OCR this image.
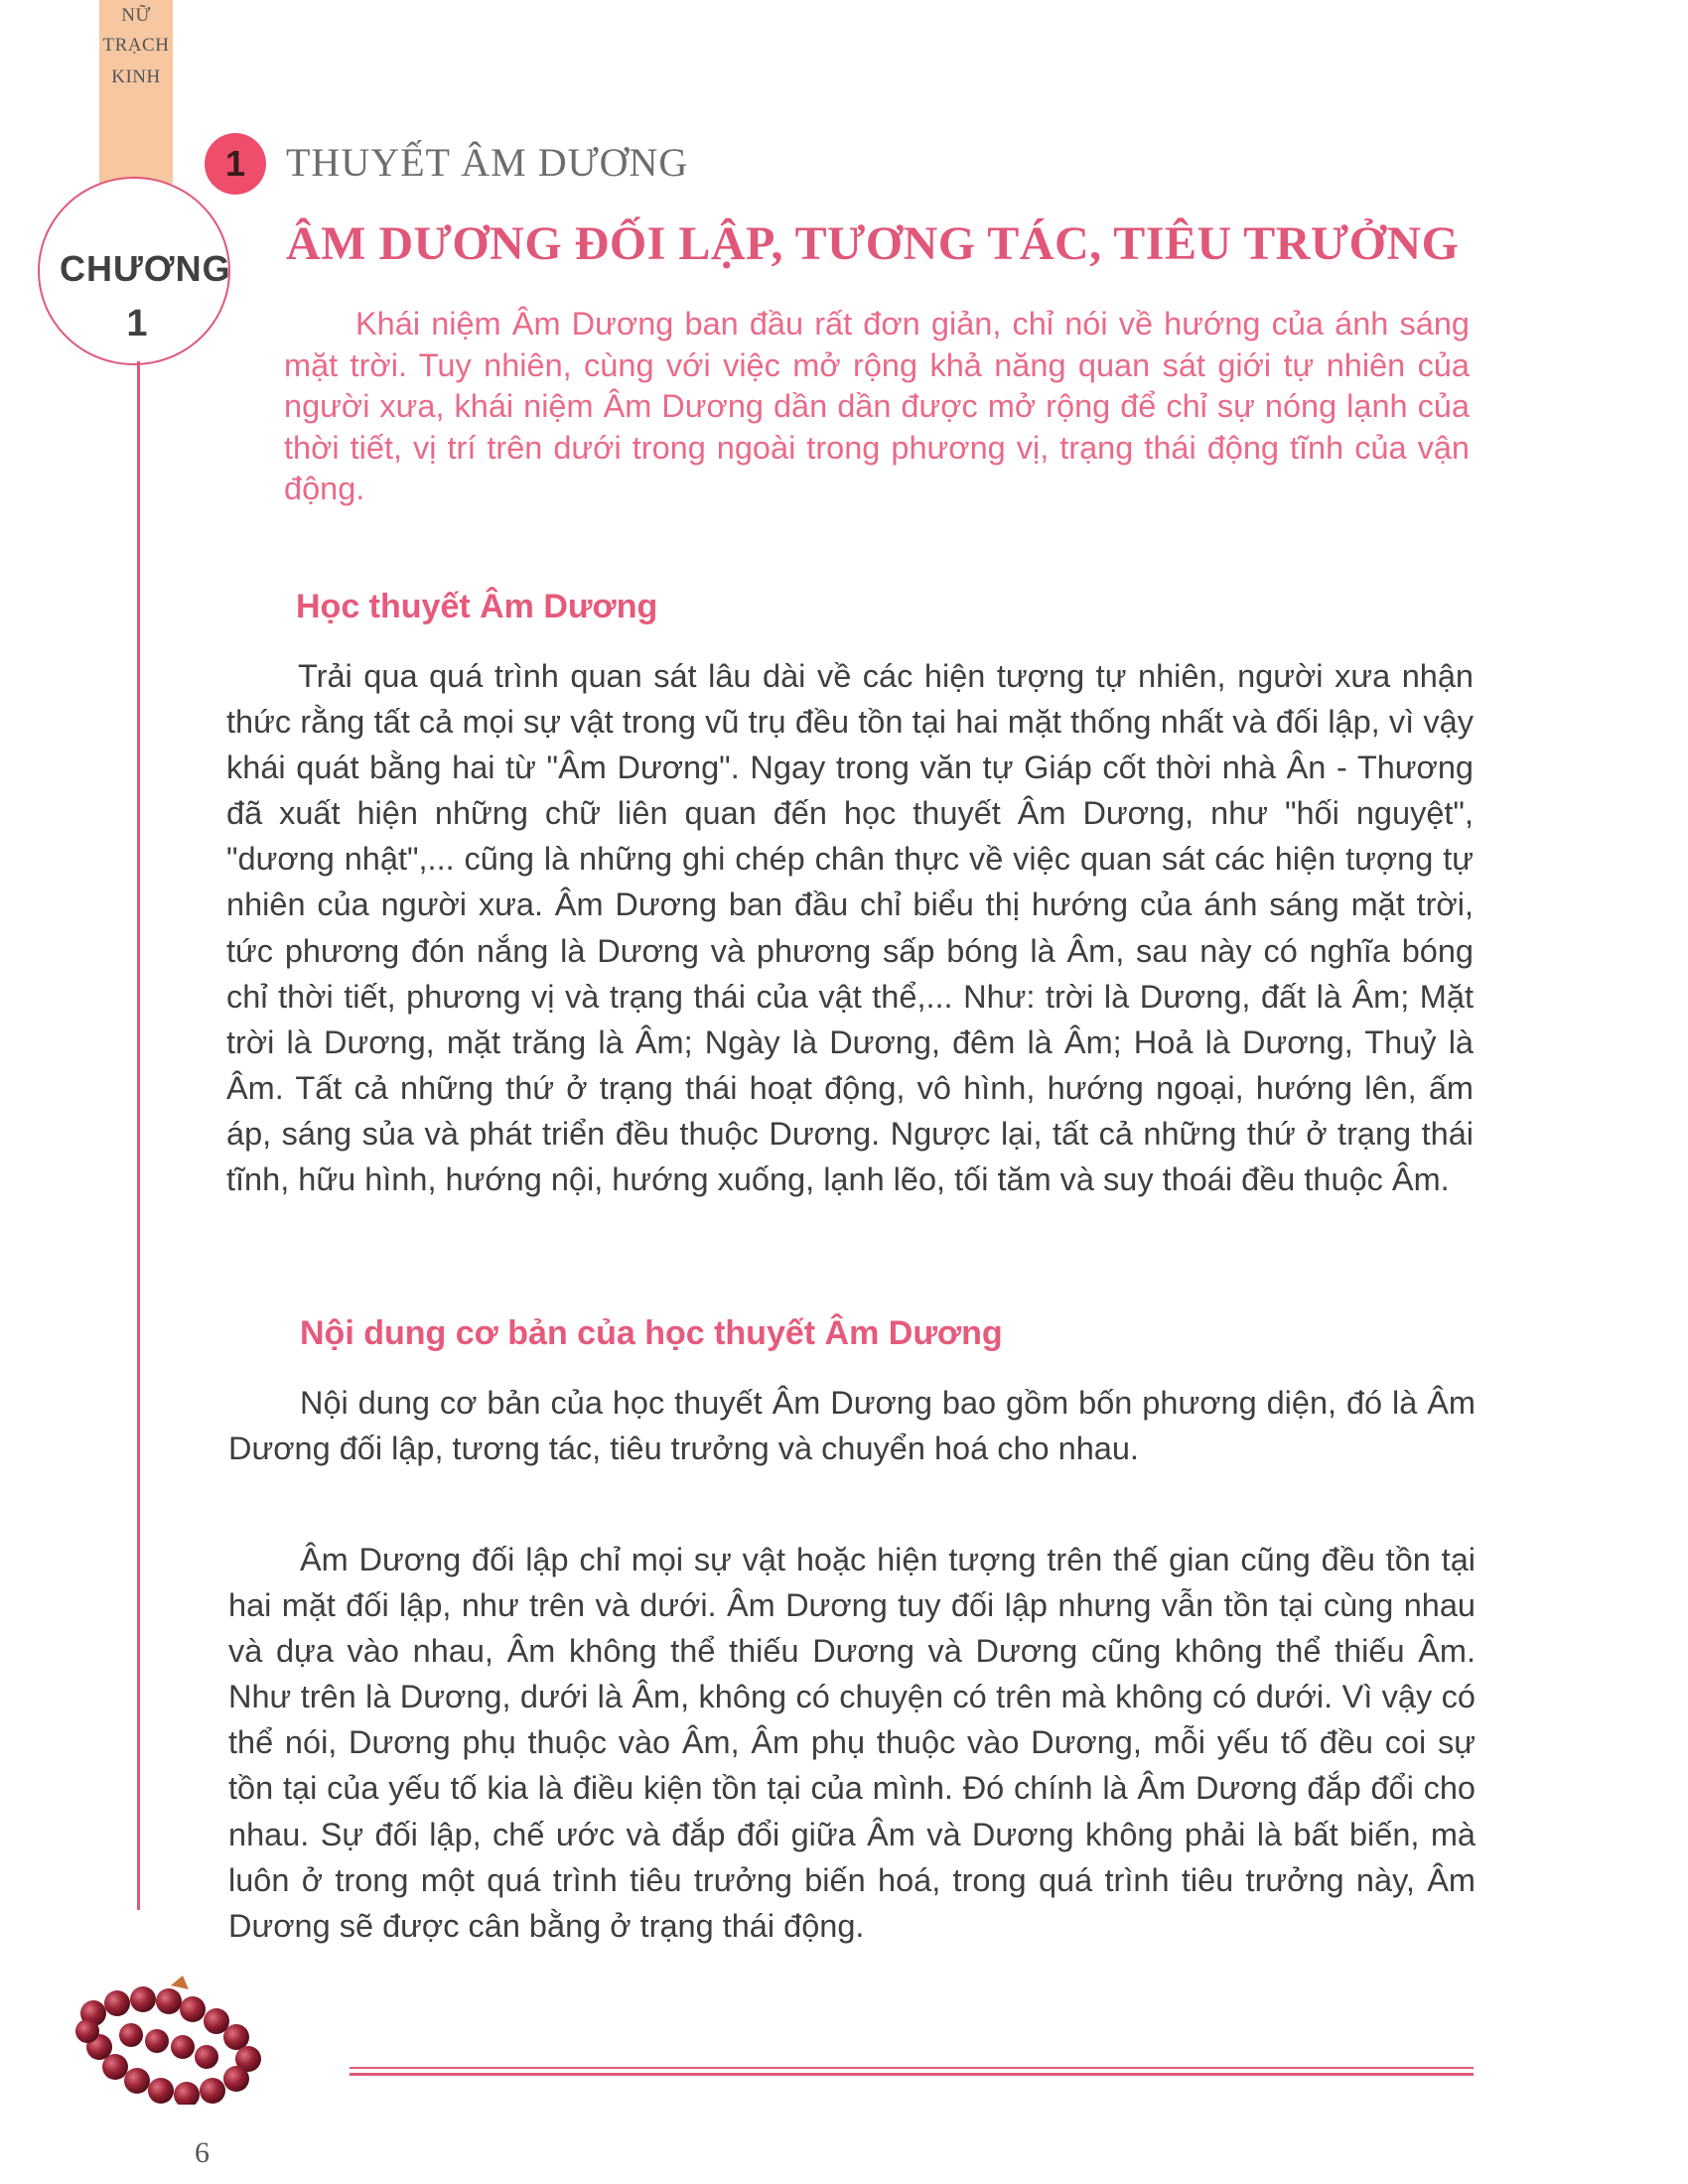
NỮ
TRẠCH
KINH
CHƯƠNG
1
1	THUYẾT ÂM DƯƠNG
ÂM DƯƠNG ĐỐI LẬP, TƯƠNG TÁC, TIÊU TRƯỞNG
Khái niệm Âm Dương ban đầu rất đơn giản, chỉ nói về hướng của ánh sáng mặt trời. Tuy nhiên, cùng với việc mở rộng khả năng quan sát giới tự nhiên của người xưa, khái niệm Âm Dương dần dần được mở rộng để chỉ sự nóng lạnh của thời tiết, vị trí trên dưới trong ngoài trong phương vị, trạng thái động tĩnh của vận động.
Học thuyết Âm Dương

Trải qua quá trình quan sát lâu dài về các hiện tượng tự nhiên, người xưa nhận thức rằng tất cả mọi sự vật trong vũ trụ đều tồn tại hai mặt thống nhất và đối lập, vì vậy khái quát bằng hai từ "Âm Dương". Ngay trong văn tự Giáp cốt thời nhà Ân - Thương đã xuất hiện những chữ liên quan đến học thuyết Âm Dương, như "hối nguyệt", "dương nhật",... cũng là những ghi chép chân thực về việc quan sát các hiện tượng tự nhiên của người xưa. Âm Dương ban đầu chỉ biểu thị hướng của ánh sáng mặt trời, tức phương đón nắng là Dương và phương sấp bóng là Âm, sau này có nghĩa bóng chỉ thời tiết, phương vị và trạng thái của vật thể,... Như: trời là Dương, đất là Âm; Mặt trời là Dương, mặt trăng là Âm; Ngày là Dương, đêm là Âm; Hoả là Dương, Thuỷ là Âm. Tất cả những thứ ở trạng thái hoạt động, vô hình, hướng ngoại, hướng lên, ấm áp, sáng sủa và phát triển đều thuộc Dương. Ngược lại, tất cả những thứ ở trạng thái tĩnh, hữu hình, hướng nội, hướng xuống, lạnh lẽo, tối tăm và suy thoái đều thuộc Âm.

Nội dung cơ bản của học thuyết Âm Dương

Nội dung cơ bản của học thuyết Âm Dương bao gồm bốn phương diện, đó là Âm Dương đối lập, tương tác, tiêu trưởng và chuyển hoá cho nhau.

Âm Dương đối lập chỉ mọi sự vật hoặc hiện tượng trên thế gian cũng đều tồn tại hai mặt đối lập, như trên và dưới. Âm Dương tuy đối lập nhưng vẫn tồn tại cùng nhau và dựa vào nhau, Âm không thể thiếu Dương và Dương cũng không thể thiếu Âm. Như trên là Dương, dưới là Âm, không có chuyện có trên mà không có dưới. Vì vậy có thể nói, Dương phụ thuộc vào Âm, Âm phụ thuộc vào Dương, mỗi yếu tố đều coi sự tồn tại của yếu tố kia là điều kiện tồn tại của mình. Đó chính là Âm Dương đắp đổi cho nhau. Sự đối lập, chế ước và đắp đổi giữa Âm và Dương không phải là bất biến, mà luôn ở trong một quá trình tiêu trưởng biến hoá, trong quá trình tiêu trưởng này, Âm Dương sẽ được cân bằng ở trạng thái động.

6
